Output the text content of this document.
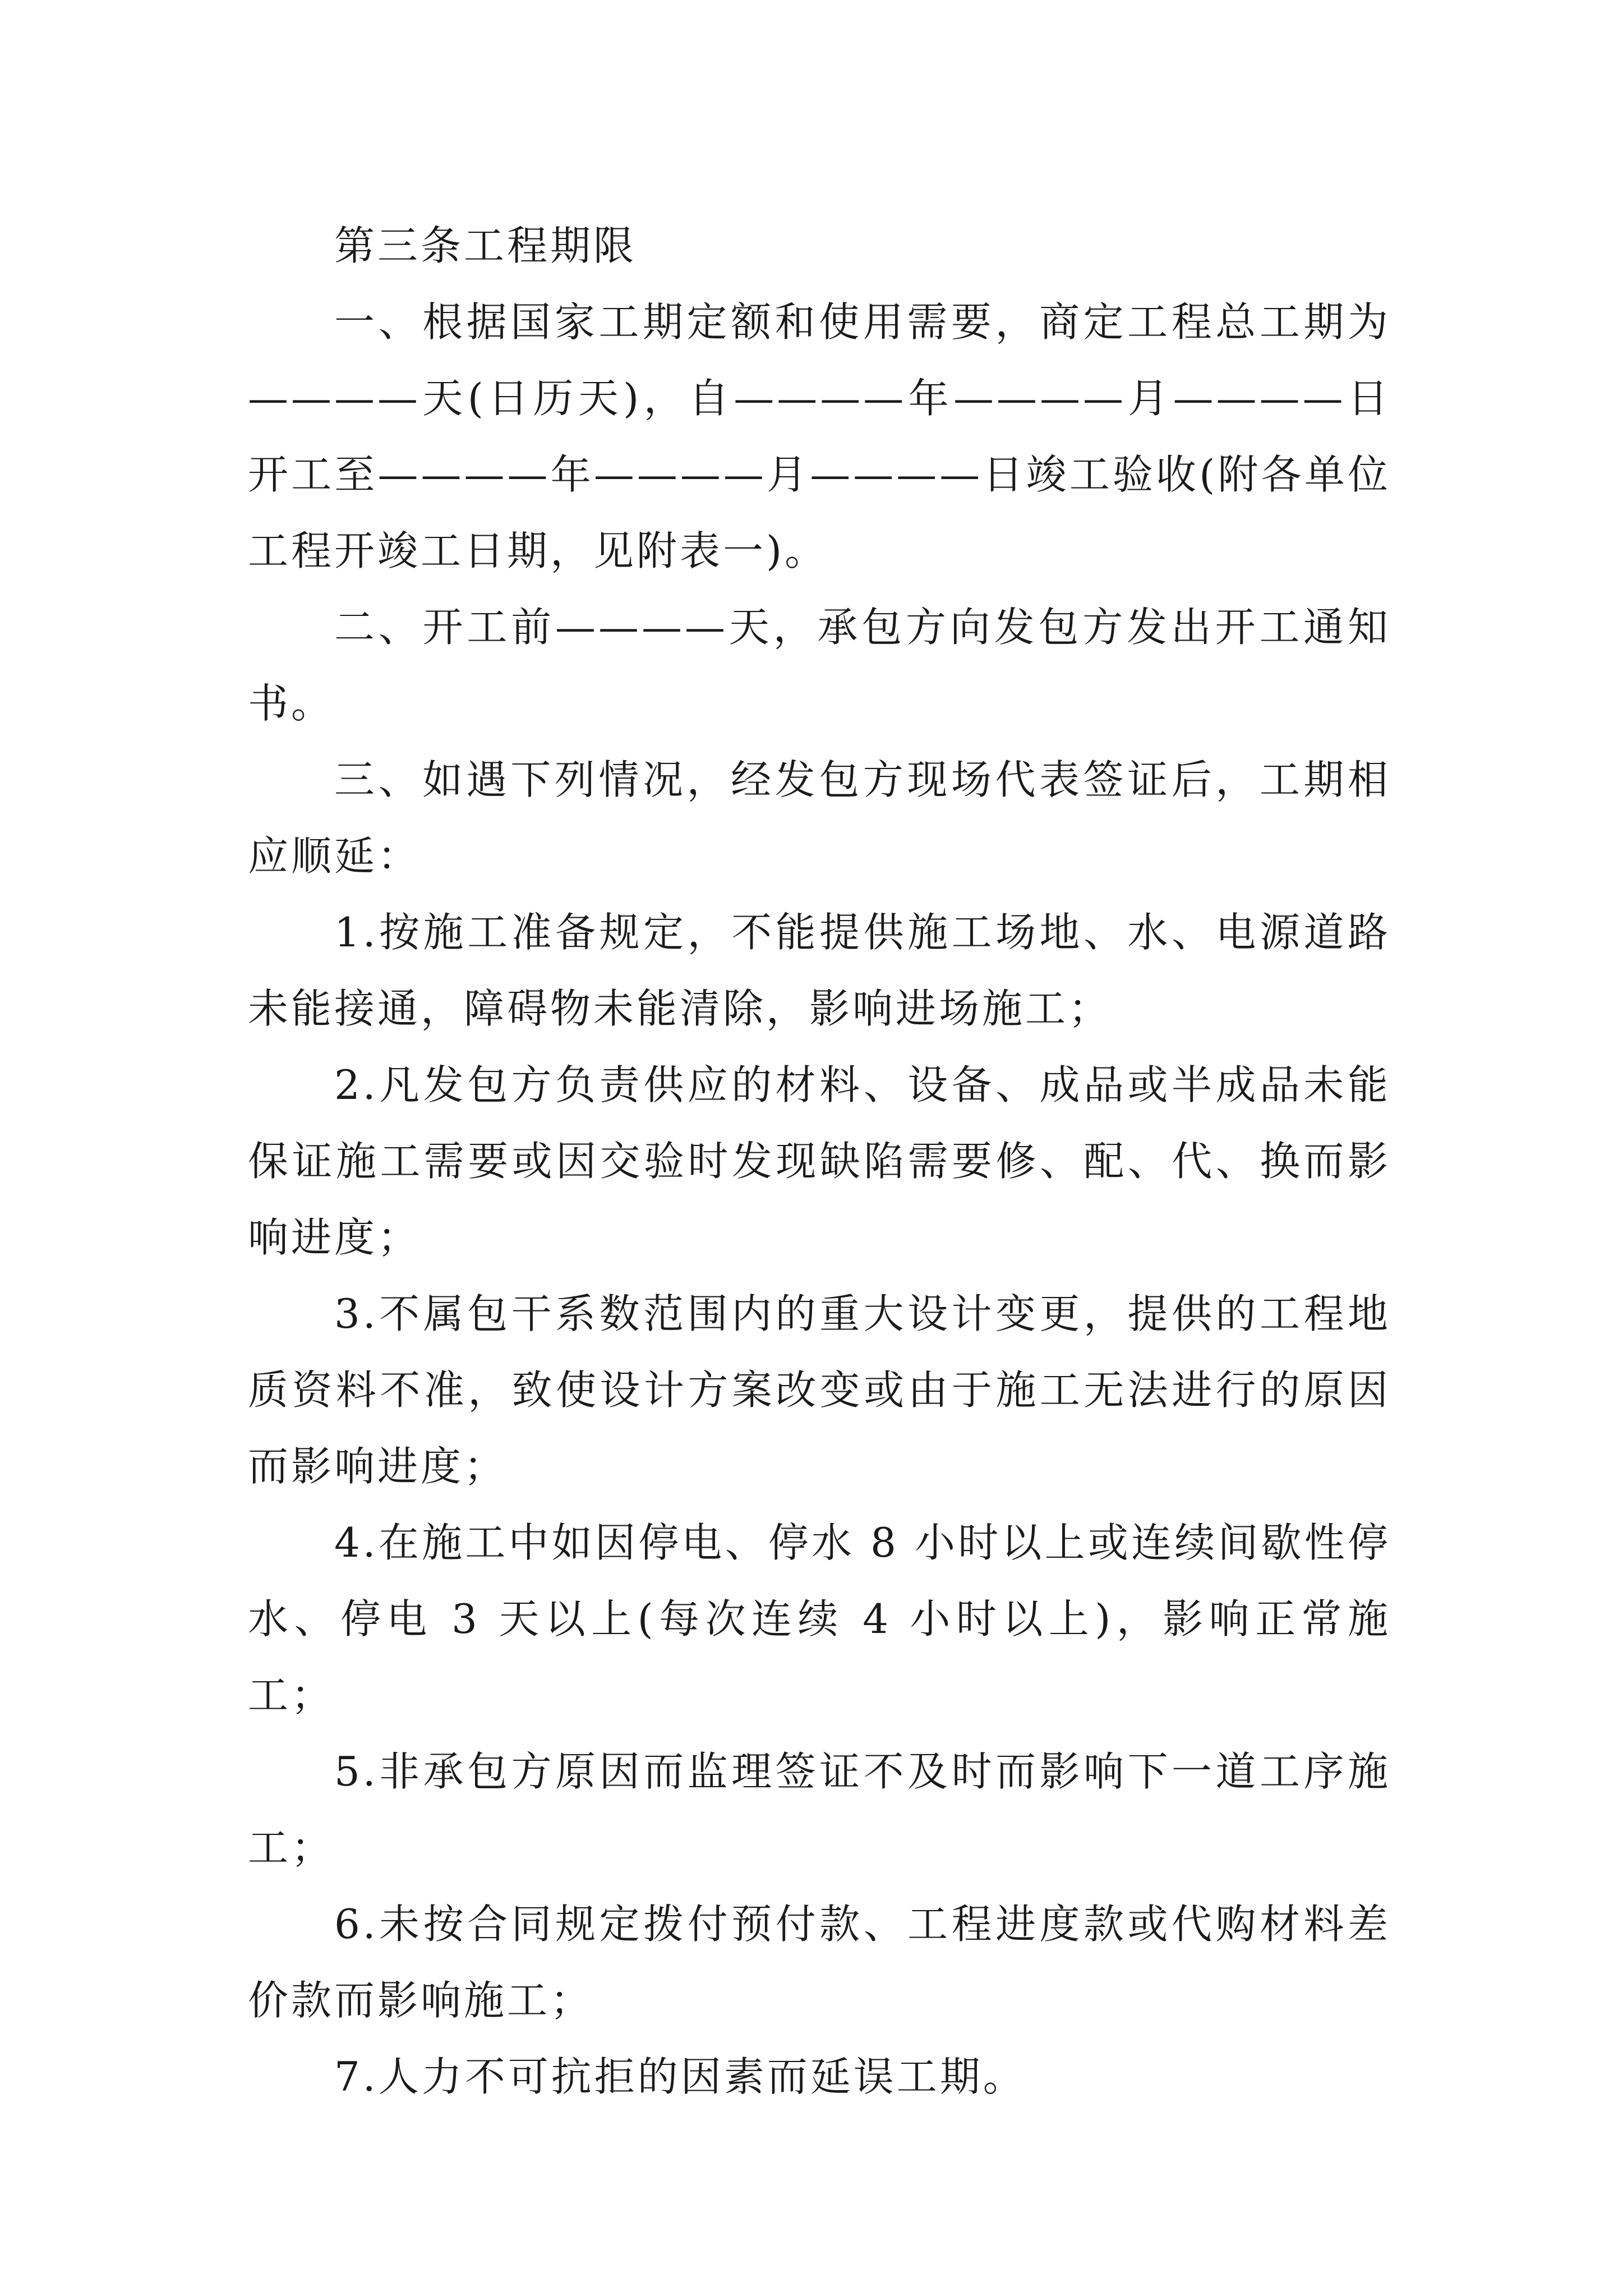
第三条工程期限

一、根据国家工期定额和使用需要，商定工程总工期为————天(日历天)，自————年————月————日开工至————年————月————日竣工验收(附各单位工程开竣工日期，见附表一)。

二、开工前————天，承包方向发包方发出开工通知书。

三、如遇下列情况，经发包方现场代表签证后，工期相应顺延：

1.按施工准备规定，不能提供施工场地、水、电源道路未能接通，障碍物未能清除，影响进场施工；

2.凡发包方负责供应的材料、设备、成品或半成品未能保证施工需要或因交验时发现缺陷需要修、配、代、换而影响进度；

3.不属包干系数范围内的重大设计变更，提供的工程地质资料不准，致使设计方案改变或由于施工无法进行的原因而影响进度；

4.在施工中如因停电、停水 8 小时以上或连续间歇性停水、停电 3 天以上(每次连续 4 小时以上)，影响正常施工；

5.非承包方原因而监理签证不及时而影响下一道工序施工；

6.未按合同规定拨付预付款、工程进度款或代购材料差价款而影响施工；

7.人力不可抗拒的因素而延误工期。
